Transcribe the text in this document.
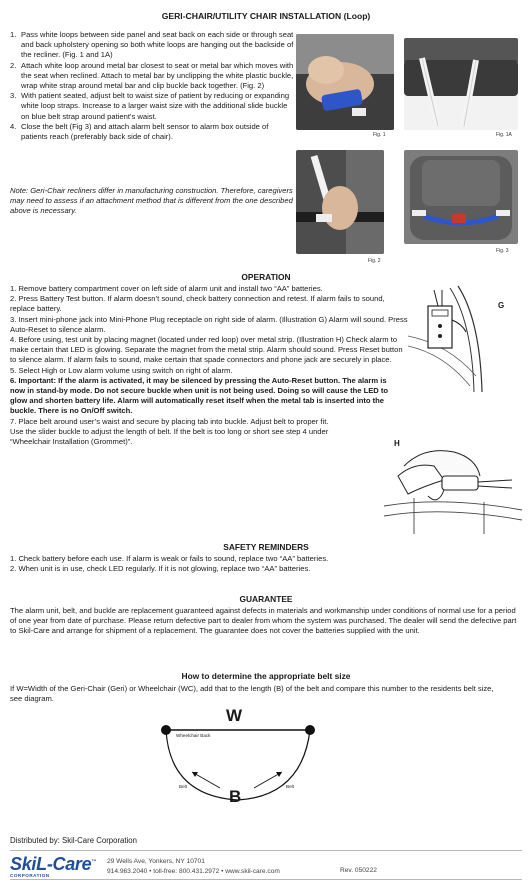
GERI-CHAIR/UTILITY CHAIR INSTALLATION (Loop)
1. Pass white loops between side panel and seat back on each side or through seat and back upholstery opening so both white loops are hanging out the backside of the recliner. (Fig. 1 and 1A)
2. Attach white loop around metal bar closest to seat or metal bar which moves with the seat when reclined. Attach to metal bar by unclipping the white plastic buckle, wrap white strap around metal bar and clip buckle back together. (Fig. 2)
3. With patient seated, adjust belt to waist size of patient by reducing or expanding white loop straps. Increase to a larger waist size with the additional slide buckle on blue belt strap around patient’s waist.
4. Close the belt (Fig 3) and attach alarm belt sensor to alarm box outside of patients reach (preferably back side of chair).
Note: Geri-Chair recliners differ in manufacturing construction. Therefore, caregivers may need to assess if an attachment method that is different from the one described above is necessary.
Fig. 1	Fig. 1A
Fig. 2
Fig. 3
OPERATION

1. Remove battery compartment cover on left side of alarm unit and install two “AA” batteries.

2. Press Battery Test button. If alarm doesn’t sound, check battery connection and retest. If alarm fails to sound, replace battery.

3. Insert mini-phone jack into Mini-Phone Plug receptacle on right side of alarm. (Illustration G) Alarm will sound. Press Auto-Reset to silence alarm.

4. Before using, test unit by placing magnet (located under red loop) over metal strip. (Illustration H) Check alarm to make certain that LED is glowing. Separate the magnet from the metal strip. Alarm should sound. Press Reset button to silence alarm. If alarm fails to sound, make certain that spade connectors and phone jack are securely in place.

5. Select High or Low alarm volume using switch on right of alarm.

6. Important: If the alarm is activated, it may be silenced by pressing the Auto-Reset button. The alarm is now in stand-by mode. Do not secure buckle when unit is not being used. Doing so will cause the LED to glow and shorten battery life. Alarm will automatically reset itself when the metal tab is inserted into the buckle. There is no On/Off switch.

7. Place belt around user’s waist and secure by placing tab into buckle. Adjust belt to proper fit.

Use the slider buckle to adjust the length of belt. If the belt is too long or short see step 4 under “Wheelchair Installation (Grommet)”.

G
H
SAFETY REMINDERS

1. Check battery before each use. If alarm is weak or fails to sound, replace two “AA” batteries.

2. When unit is in use, check LED regularly. If it is not glowing, replace two “AA” batteries.

GUARANTEE
The alarm unit, belt, and buckle are replacement guaranteed against defects in materials and workmanship under conditions of normal use for a period of one year from date of purchase. Please return defective part to dealer from whom the system was purchased. The dealer will send the defective part to Skil-Care and arrange for shipment of a replacement. The guarantee does not cover the batteries supplied with the unit.
How to determine the appropriate belt size
If W=Width of the Geri-Chair (Geri) or Wheelchair (WC), add that to the length (B) of the belt and compare this number to the residents belt size, see diagram.
W
Wheelchair Back
B
Belt	Belt
Distributed by: Skil-Care Corporation
SkiL-Care™
CORPORATION
29 Wells Ave, Yonkers, NY 10701
914.963.2040 • toll-free: 800.431.2972 • www.skil-care.com	Rev. 050222
